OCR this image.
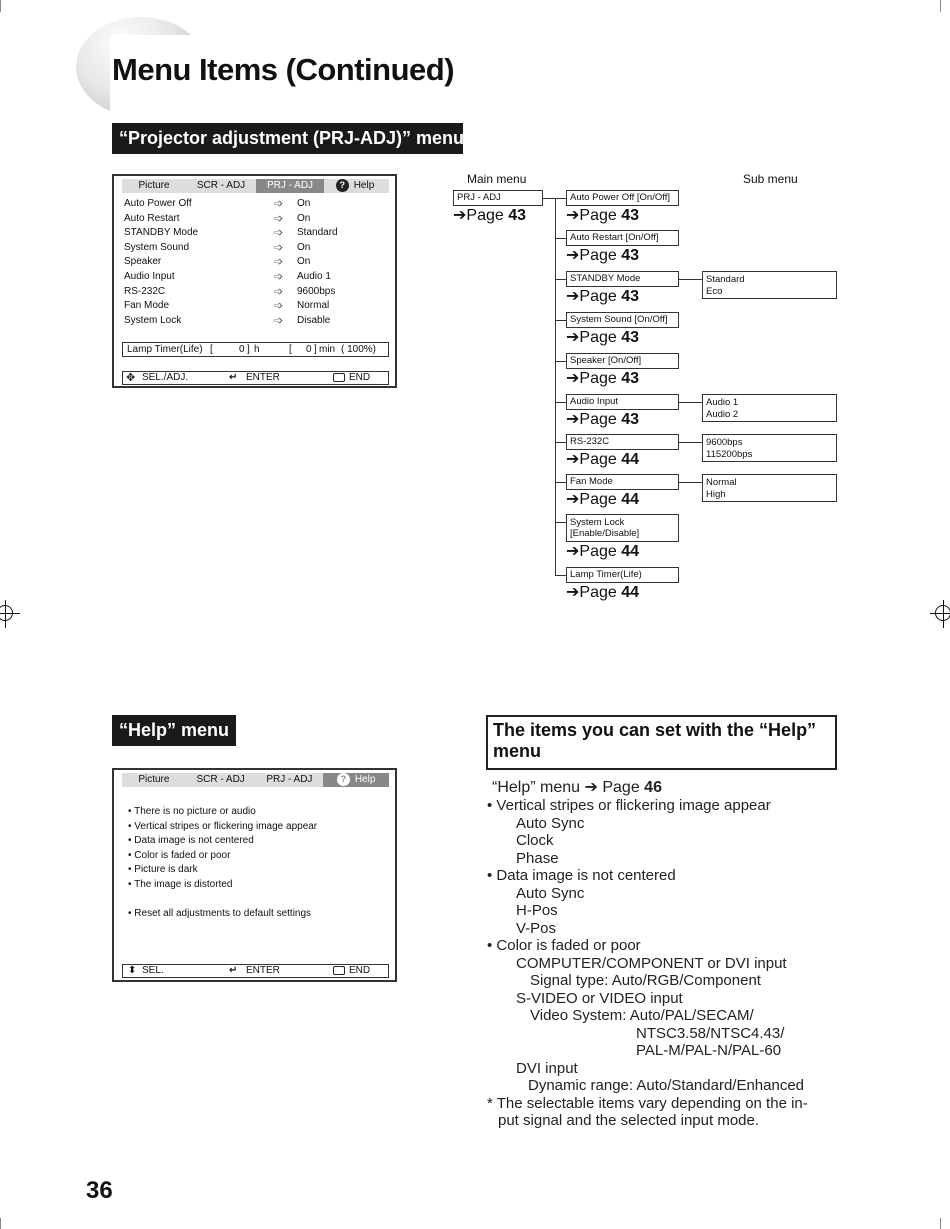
Menu Items (Continued)
“Projector adjustment (PRJ-ADJ)” menu
Picture	SCR - ADJ	PRJ - ADJ	? Help
Auto Power Off	➩ On
Auto Restart	➩ On
STANDBY Mode	➩ Standard
System Sound	➩ On
Speaker	➩ On
Audio Input	➩ Audio 1
RS-232C	➩ 9600bps
Fan Mode	➩ Normal
System Lock	➩ Disable
Lamp Timer(Life) [	0 ] h	[ 0 ] min ( 100%)
✥ SEL./ADJ.	↵ ENTER	END
Main menu	Sub menu
PRJ - ADJ
➔Page 43
Auto Power Off [On/Off]
➔Page 43
Auto Restart [On/Off]
➔Page 43
STANDBY Mode
➔Page 43
Standard
Eco
System Sound [On/Off]
➔Page 43
Speaker [On/Off]
➔Page 43
Audio Input
➔Page 43
Audio 1
Audio 2
RS-232C
➔Page 44
9600bps
115200bps
Fan Mode
➔Page 44
Normal
High
System Lock
[Enable/Disable]
➔Page 44
Lamp Timer(Life)
➔Page 44
“Help” menu
Picture	SCR - ADJ	PRJ - ADJ	? Help
• There is no picture or audio
• Vertical stripes or flickering image appear
• Data image is not centered
• Color is faded or poor
• Picture is dark
• The image is distorted
• Reset all adjustments to default settings
⬍ SEL.	↵ ENTER	END
The items you can set with the “Help” menu
“Help” menu ➔ Page 46
• Vertical stripes or flickering image appear
Auto Sync
Clock
Phase
• Data image is not centered
Auto Sync
H-Pos
V-Pos
• Color is faded or poor
COMPUTER/COMPONENT or DVI input
Signal type: Auto/RGB/Component
S-VIDEO or VIDEO input
Video System: Auto/PAL/SECAM/
NTSC3.58/NTSC4.43/
PAL-M/PAL-N/PAL-60
DVI input
Dynamic range: Auto/Standard/Enhanced
* The selectable items vary depending on the in-
put signal and the selected input mode.
36
